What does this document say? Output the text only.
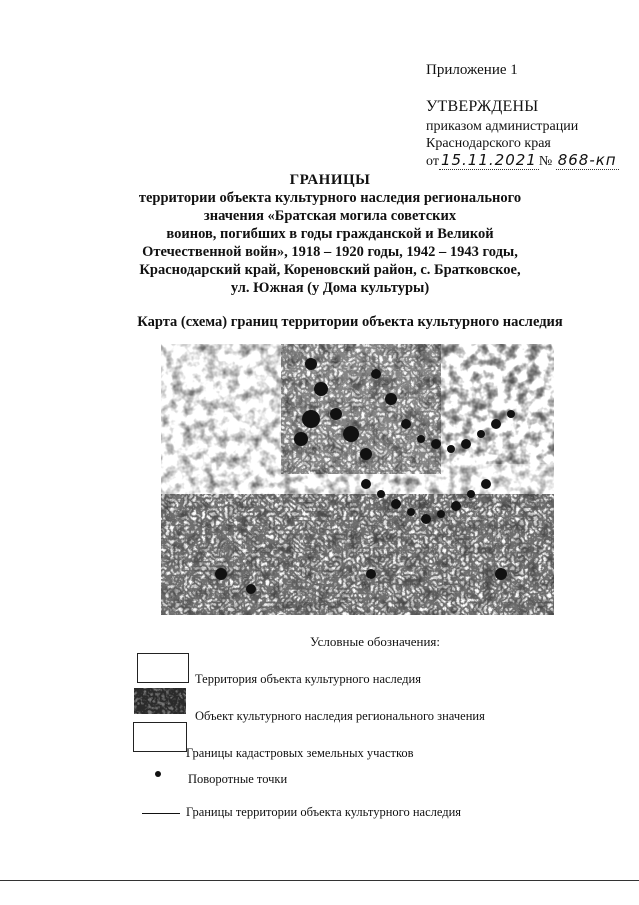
Приложение 1
УТВЕРЖДЕНЫ
приказом администрации
Краснодарского края
от 15.11.2021 № 868-кп
ГРАНИЦЫ
территории объекта культурного наследия регионального
значения «Братская могила советских
воинов, погибших в годы гражданской и Великой
Отечественной войн», 1918 – 1920 годы, 1942 – 1943 годы,
Краснодарский край, Кореновский район, с. Братковское,
ул. Южная (у Дома культуры)
Карта (схема) границ территории объекта культурного наследия
Условные обозначения:
Территория объекта культурного наследия
Объект культурного наследия регионального значения
Границы кадастровых земельных участков
Поворотные точки
Границы территории объекта культурного наследия
